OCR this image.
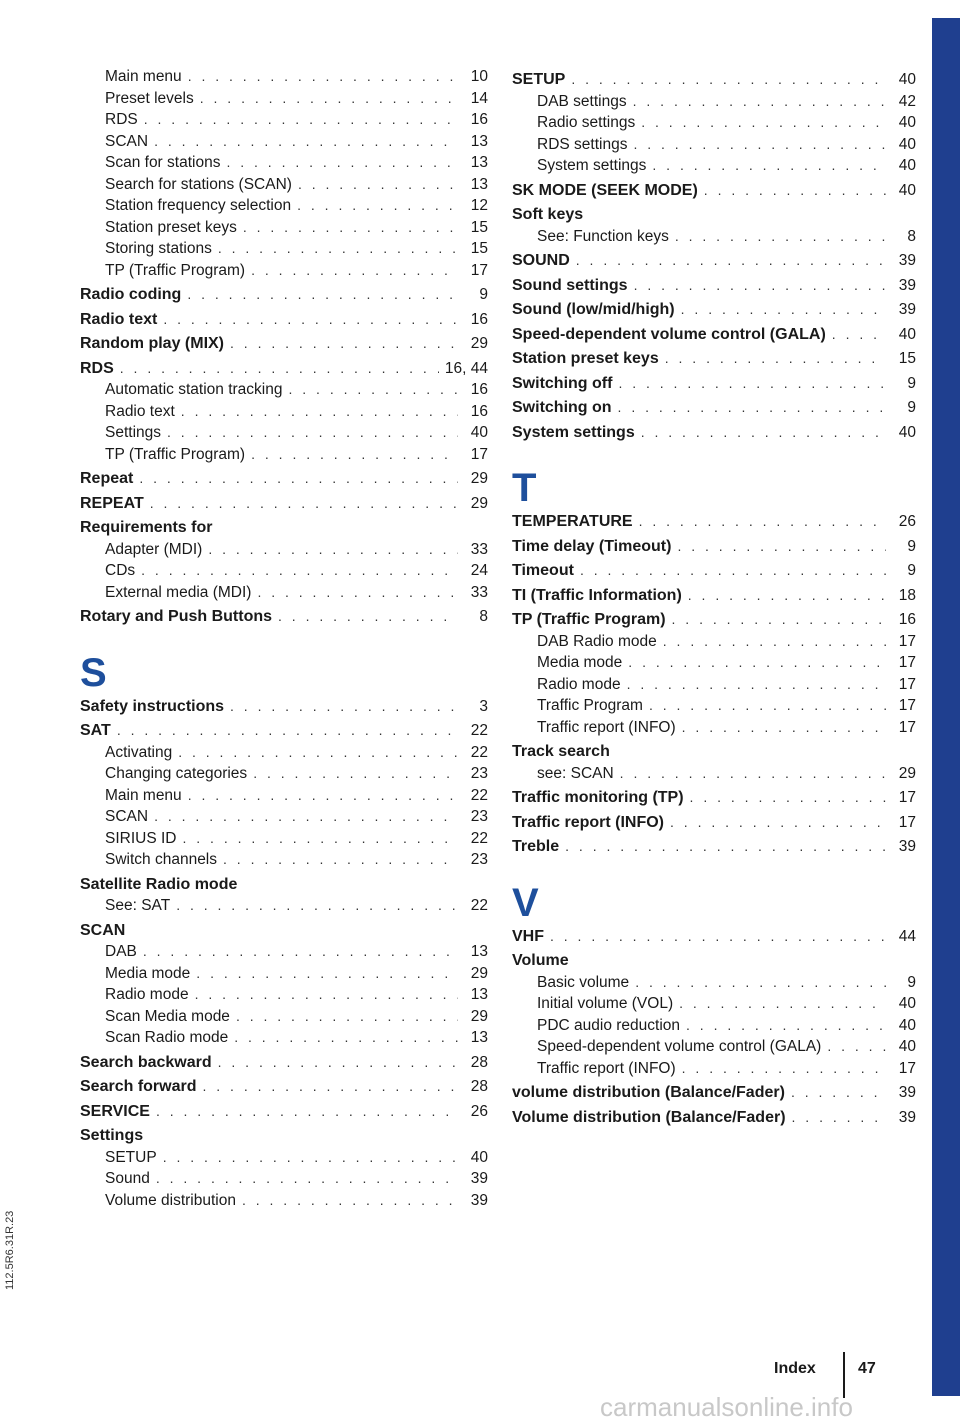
Main menu . . .	10
Preset levels . . .	14
RDS . . .	16
SCAN . . .	13
Scan for stations . . .	13
Search for stations (SCAN) . . .	13
Station frequency selection . . .	12
Station preset keys . . .	15
Storing stations . . .	15
TP (Traffic Program) . . .	17
Radio coding . . .	9
Radio text . . .	16
Random play (MIX) . . .	29
RDS . . .	16, 44
Automatic station tracking . . .	16
Radio text . . .	16
Settings . . .	40
TP (Traffic Program) . . .	17
Repeat . . .	29
REPEAT . . .	29
Requirements for
Adapter (MDI) . . .	33
CDs . . .	24
External media (MDI) . . .	33
Rotary and Push Buttons . . .	8
S
Safety instructions . . .	3
SAT . . .	22
Activating . . .	22
Changing categories . . .	23
Main menu . . .	22
SCAN . . .	23
SIRIUS ID . . .	22
Switch channels . . .	23
Satellite Radio mode
See: SAT . . .	22
SCAN
DAB . . .	13
Media mode . . .	29
Radio mode . . .	13
Scan Media mode . . .	29
Scan Radio mode . . .	13
Search backward . . .	28
Search forward . . .	28
SERVICE . . .	26
Settings
SETUP . . .	40
Sound . . .	39
Volume distribution . . .	39
SETUP . . .	40
DAB settings . . .	42
Radio settings . . .	40
RDS settings . . .	40
System settings . . .	40
SK MODE (SEEK MODE) . . .	40
Soft keys
See: Function keys . . .	8
SOUND . . .	39
Sound settings . . .	39
Sound (low/mid/high) . . .	39
Speed-dependent volume control (GALA) . . .	40
Station preset keys . . .	15
Switching off . . .	9
Switching on . . .	9
System settings . . .	40
T
TEMPERATURE . . .	26
Time delay (Timeout) . . .	9
Timeout . . .	9
TI (Traffic Information) . . .	18
TP (Traffic Program) . . .	16
DAB Radio mode . . .	17
Media mode . . .	17
Radio mode . . .	17
Traffic Program . . .	17
Traffic report (INFO) . . .	17
Track search
see: SCAN . . .	29
Traffic monitoring (TP) . . .	17
Traffic report (INFO) . . .	17
Treble . . .	39
V
VHF . . .	44
Volume
Basic volume . . .	9
Initial volume (VOL) . . .	40
PDC audio reduction . . .	40
Speed-dependent volume control (GALA) . . .	40
Traffic report (INFO) . . .	17
volume distribution (Balance/Fader) . . .	39
Volume distribution (Balance/Fader) . . .	39
Index	47
112.5R6.31R.23
carmanualsonline.info
